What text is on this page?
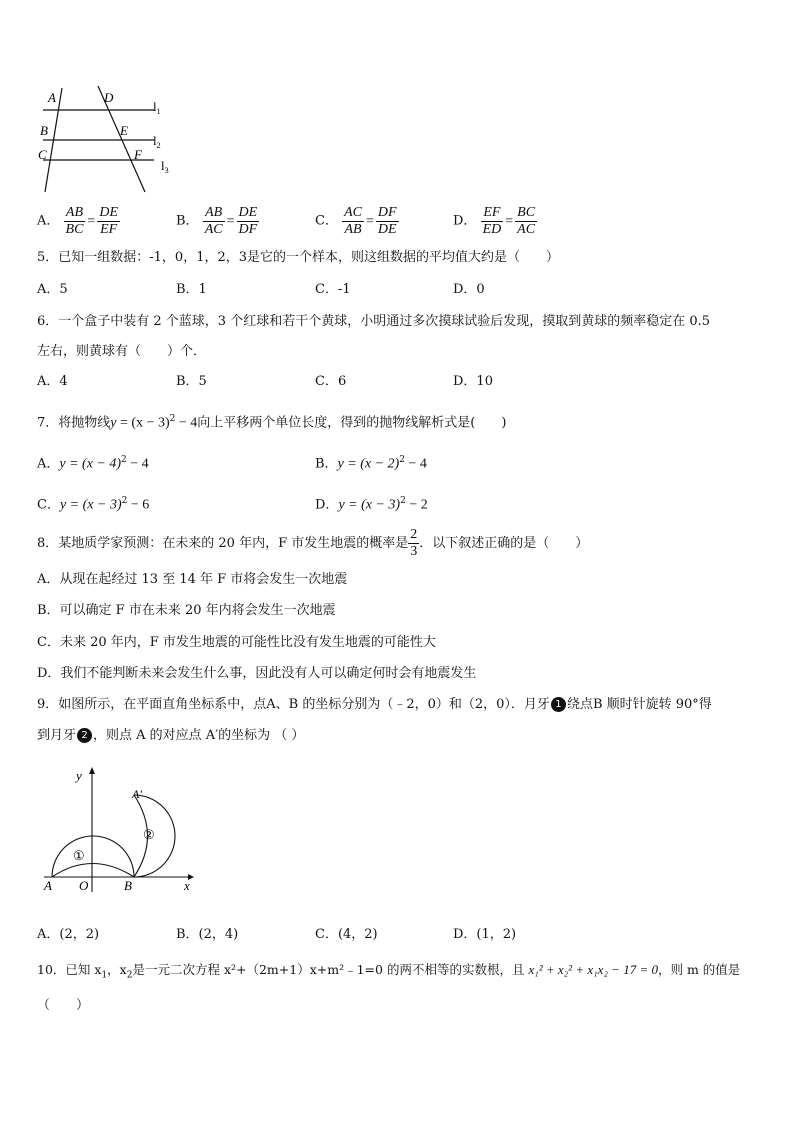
A	D
B	E
C	F
$l_1$
$l_2$
$l_3$
A． $\frac{AB}{BC} = \frac{DE}{EF}$	B． $\frac{AB}{AC} = \frac{DE}{DF}$	C． $\frac{AC}{AB} = \frac{DF}{DE}$	D． $\frac{EF}{ED} = \frac{BC}{AC}$
5．已知一组数据：-1，0，1，2，3是它的一个样本，则这组数据的平均值大约是（　　）
A．5	B．1	C．-1	D．0
6．一个盒子中装有 2 个蓝球，3 个红球和若干个黄球，小明通过多次摸球试验后发现，摸取到黄球的频率稳定在 0.5
左右，则黄球有（　　）个．
A．4	B．5	C．6	D．10
7．将抛物线$y = (x - 3)^2 - 4$向上平移两个单位长度，得到的抛物线解析式是(　　)
A．$y = (x - 4)^2 - 4$	B．$y = (x - 2)^2 - 4$
C．$y = (x - 3)^2 - 6$	D．$y = (x - 3)^2 - 2$
8．某地质学家预测：在未来的 20 年内，F 市发生地震的概率是 $\frac{2}{3}$ ．以下叙述正确的是（　　）
A．从现在起经过 13 至 14 年 F 市将会发生一次地震
B．可以确定 F 市在未来 20 年内将会发生一次地震
C．未来 20 年内，F 市发生地震的可能性比没有发生地震的可能性大
D．我们不能判断未来会发生什么事，因此没有人可以确定何时会有地震发生
9．如图所示，在平面直角坐标系中，点A、B 的坐标分别为（﹣2，0）和（2，0）．月牙 1 绕点B 顺时针旋转 90°得
到月牙 2 ，则点 A 的对应点 A′的坐标为 （ ）
y
x
A O	B
A′
①
②
A．(2，2)	B．(2，4)	C．(4，2)	D．(1，2)
10．已知 $x_1$，$x_2$是一元二次方程 x²+（2m+1）x+m²﹣1=0 的两不相等的实数根，且 x₁² + x₂² + x₁x₂ − 17 = 0，则 m 的值是
（　　）
